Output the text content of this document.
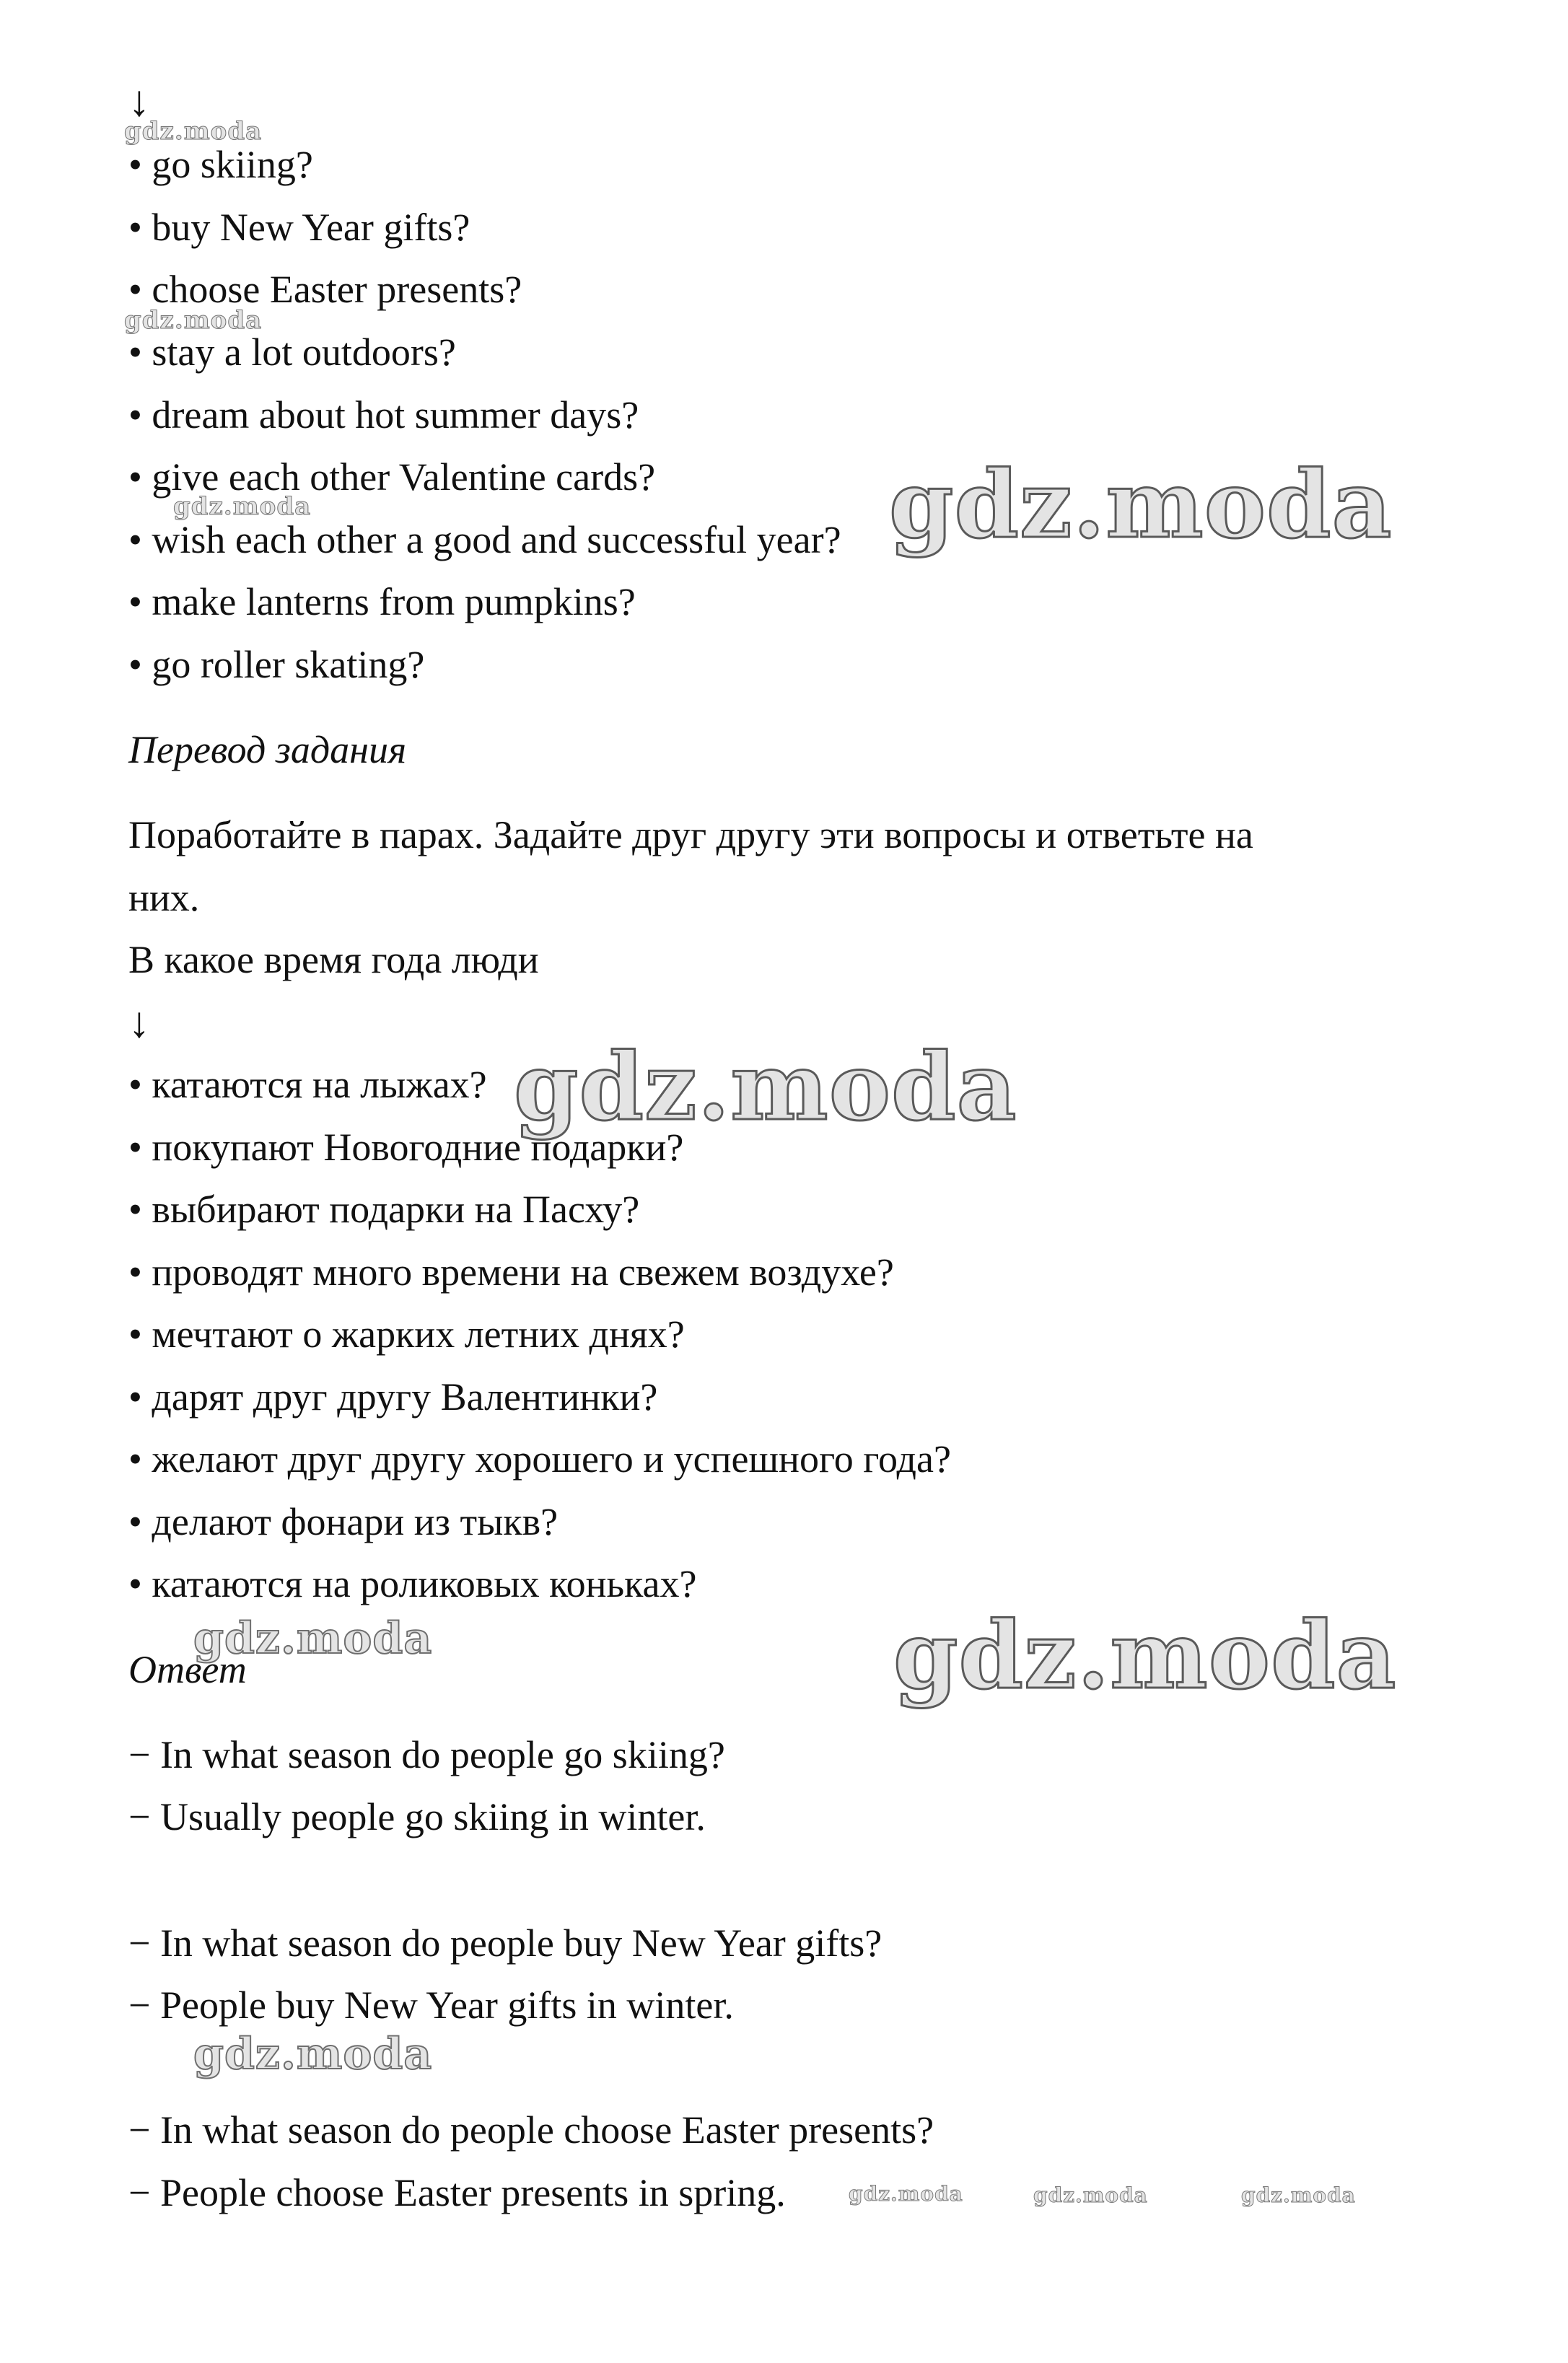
↓
• go skiing?
• buy New Year gifts?
• choose Easter presents?
• stay a lot outdoors?
• dream about hot summer days?
• give each other Valentine cards?
• wish each other a good and successful year?
• make lanterns from pumpkins?
• go roller skating?
Перевод задания
Поработайте в парах. Задайте друг другу эти вопросы и ответьте на
них.
В какое время года люди
↓
• катаются на лыжах?
• покупают Новогодние подарки?
• выбирают подарки на Пасху?
• проводят много времени на свежем воздухе?
• мечтают о жарких летних днях?
• дарят друг другу Валентинки?
• желают друг другу хорошего и успешного года?
• делают фонари из тыкв?
• катаются на роликовых коньках?
Ответ
− In what season do people go skiing?
− Usually people go skiing in winter.
− In what season do people buy New Year gifts?
− People buy New Year gifts in winter.
− In what season do people choose Easter presents?
− People choose Easter presents in spring.
gdz.moda
gdz.moda
gdz.moda	gdz.moda
gdz.moda
gdz.moda	gdz.moda
gdz.moda
gdz.moda	gdz.moda	gdz.moda
